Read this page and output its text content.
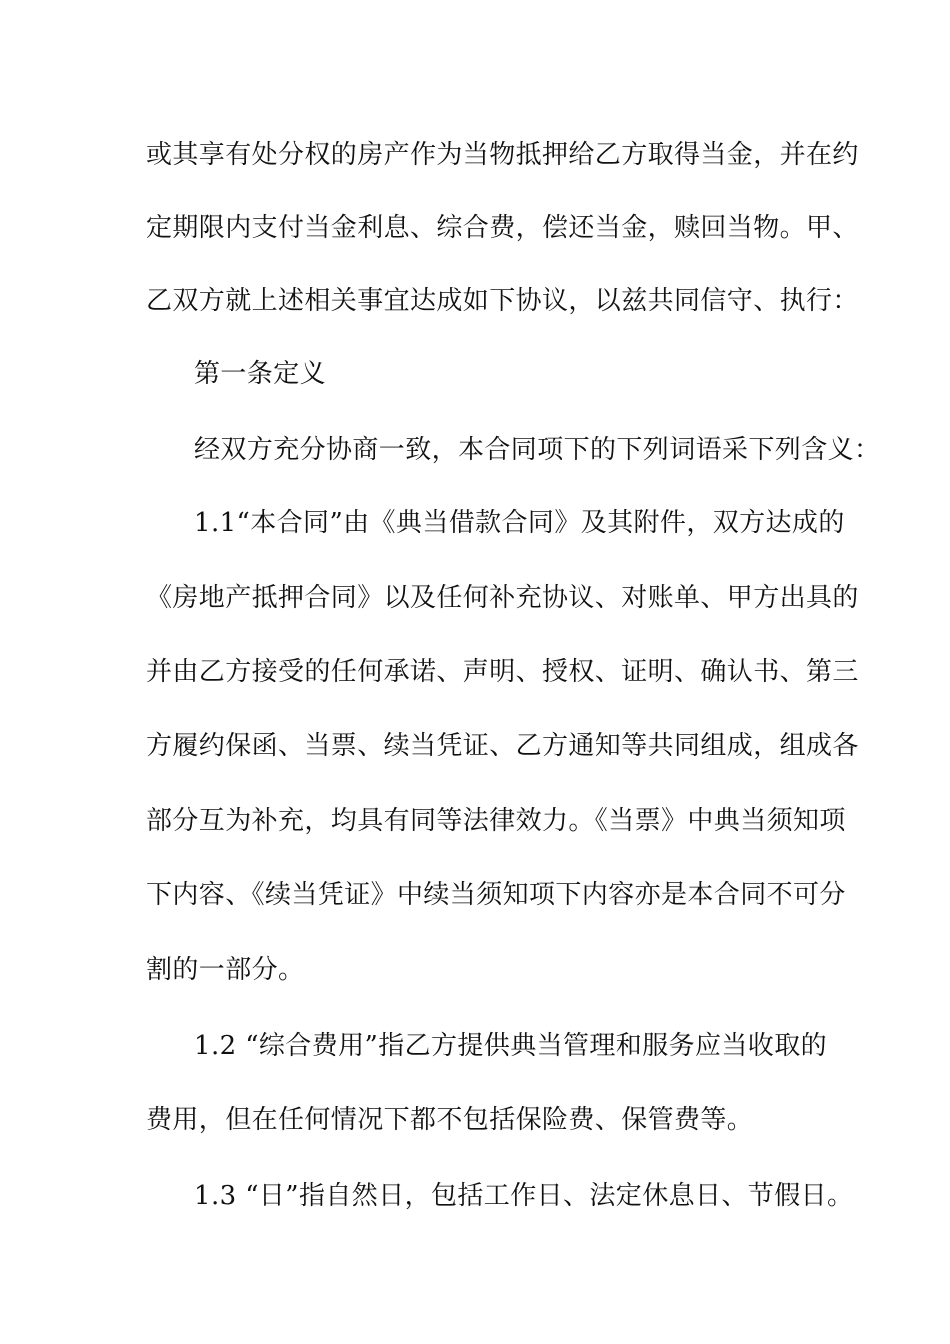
或其享有处分权的房产作为当物抵押给乙方取得当金，并在约
定期限内支付当金利息、综合费，偿还当金，赎回当物。甲、
乙双方就上述相关事宜达成如下协议，以兹共同信守、执行：
第一条定义
经双方充分协商一致，本合同项下的下列词语采下列含义：
1.1“本合同”由《典当借款合同》及其附件，双方达成的
《房地产抵押合同》以及任何补充协议、对账单、甲方出具的
并由乙方接受的任何承诺、声明、授权、证明、确认书、第三
方履约保函、当票、续当凭证、乙方通知等共同组成，组成各
部分互为补充，均具有同等法律效力。《当票》中典当须知项
下内容、《续当凭证》中续当须知项下内容亦是本合同不可分
割的一部分。
1.2 “综合费用”指乙方提供典当管理和服务应当收取的
费用，但在任何情况下都不包括保险费、保管费等。
1.3 “日”指自然日，包括工作日、法定休息日、节假日。
